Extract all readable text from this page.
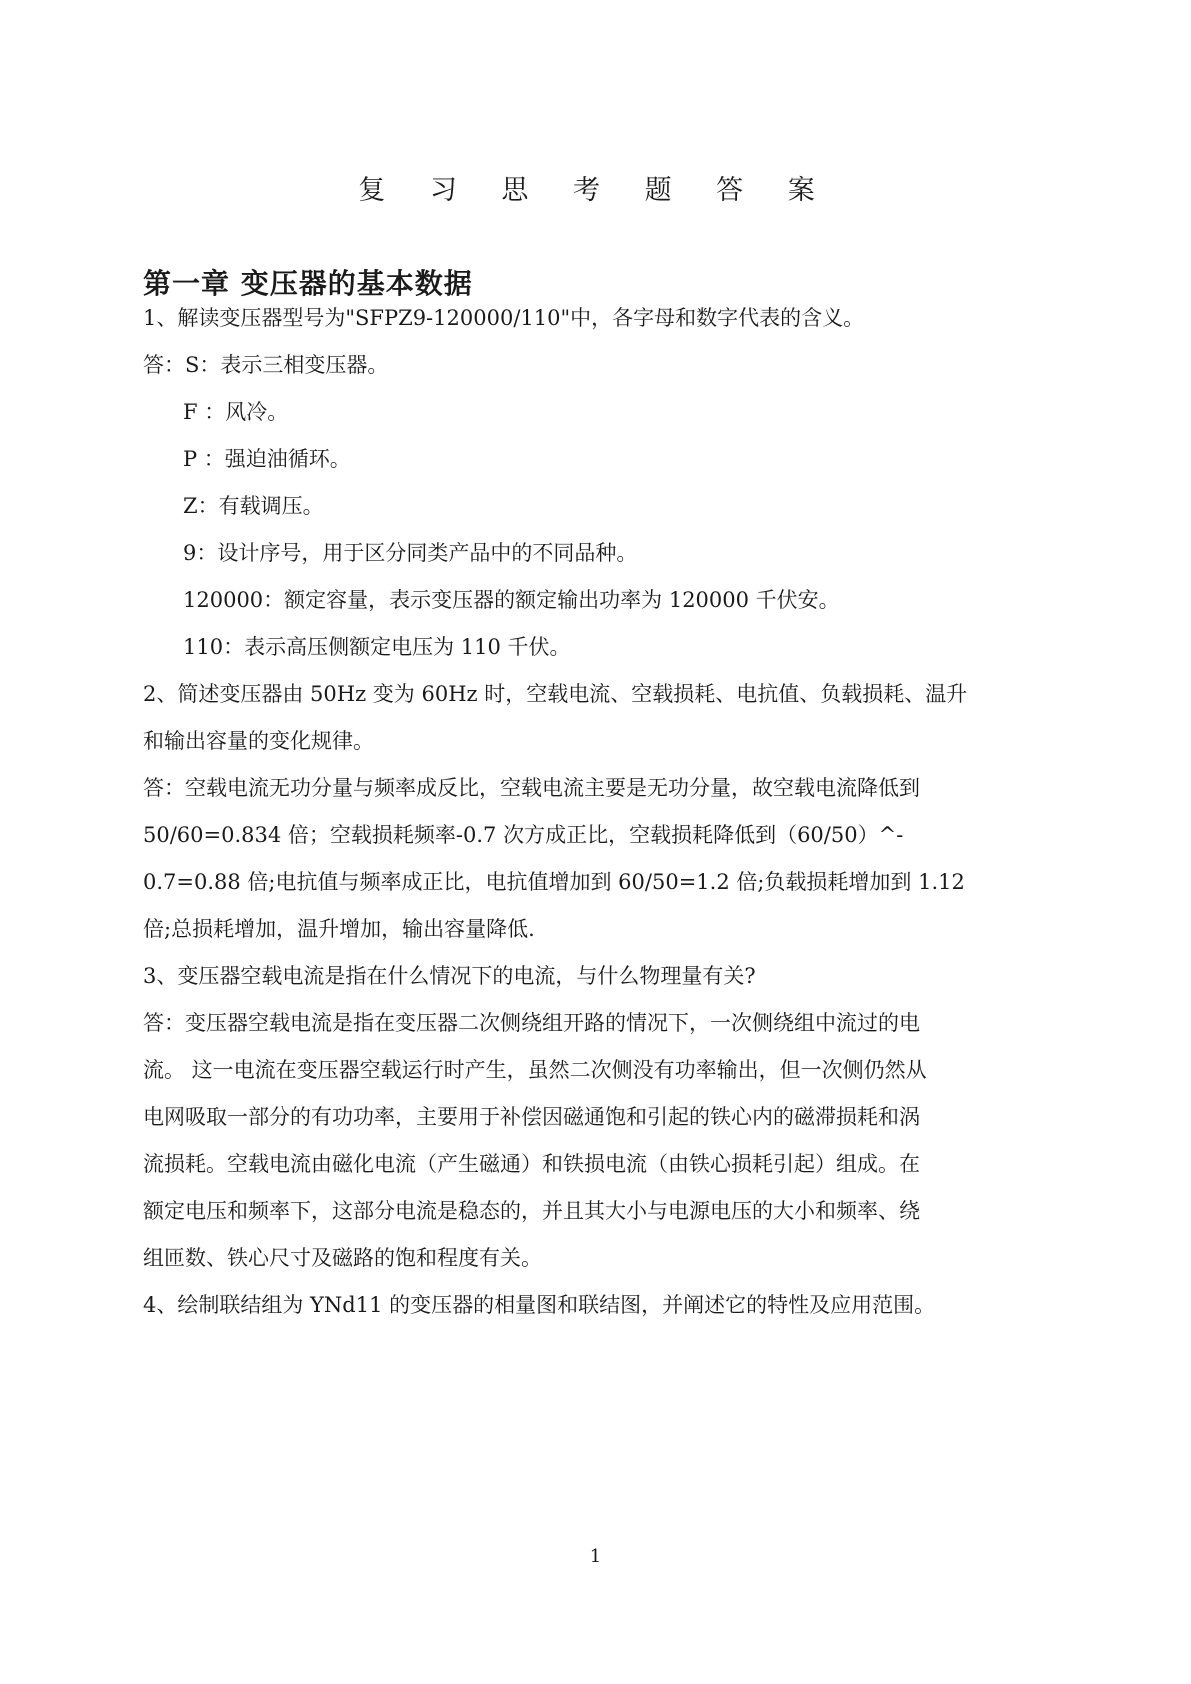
复 习 思 考 题 答 案
第一章 变压器的基本数据
1、解读变压器型号为"SFPZ9-120000/110"中，各字母和数字代表的含义。
答：S：表示三相变压器。
F ：风冷。
P ：强迫油循环。
Z：有载调压。
9：设计序号，用于区分同类产品中的不同品种。
120000：额定容量，表示变压器的额定输出功率为 120000 千伏安。
110：表示高压侧额定电压为 110 千伏。
2、简述变压器由 50Hz 变为 60Hz 时，空载电流、空载损耗、电抗值、负载损耗、温升
和输出容量的变化规律。
答：空载电流无功分量与频率成反比，空载电流主要是无功分量，故空载电流降低到
50/60=0.834 倍；空载损耗频率-0.7 次方成正比，空载损耗降低到（60/50）^-
0.7=0.88 倍;电抗值与频率成正比，电抗值增加到 60/50=1.2 倍;负载损耗增加到 1.12
倍;总损耗增加，温升增加，输出容量降低.
3、变压器空载电流是指在什么情况下的电流，与什么物理量有关?
答：变压器空载电流是指在变压器二次侧绕组开路的情况下，一次侧绕组中流过的电
流。 这一电流在变压器空载运行时产生，虽然二次侧没有功率输出，但一次侧仍然从
电网吸取一部分的有功功率，主要用于补偿因磁通饱和引起的铁心内的磁滞损耗和涡
流损耗。空载电流由磁化电流（产生磁通）和铁损电流（由铁心损耗引起）组成。在
额定电压和频率下，这部分电流是稳态的，并且其大小与电源电压的大小和频率、绕
组匝数、铁心尺寸及磁路的饱和程度有关。
4、绘制联结组为 YNd11 的变压器的相量图和联结图，并阐述它的特性及应用范围。
1
